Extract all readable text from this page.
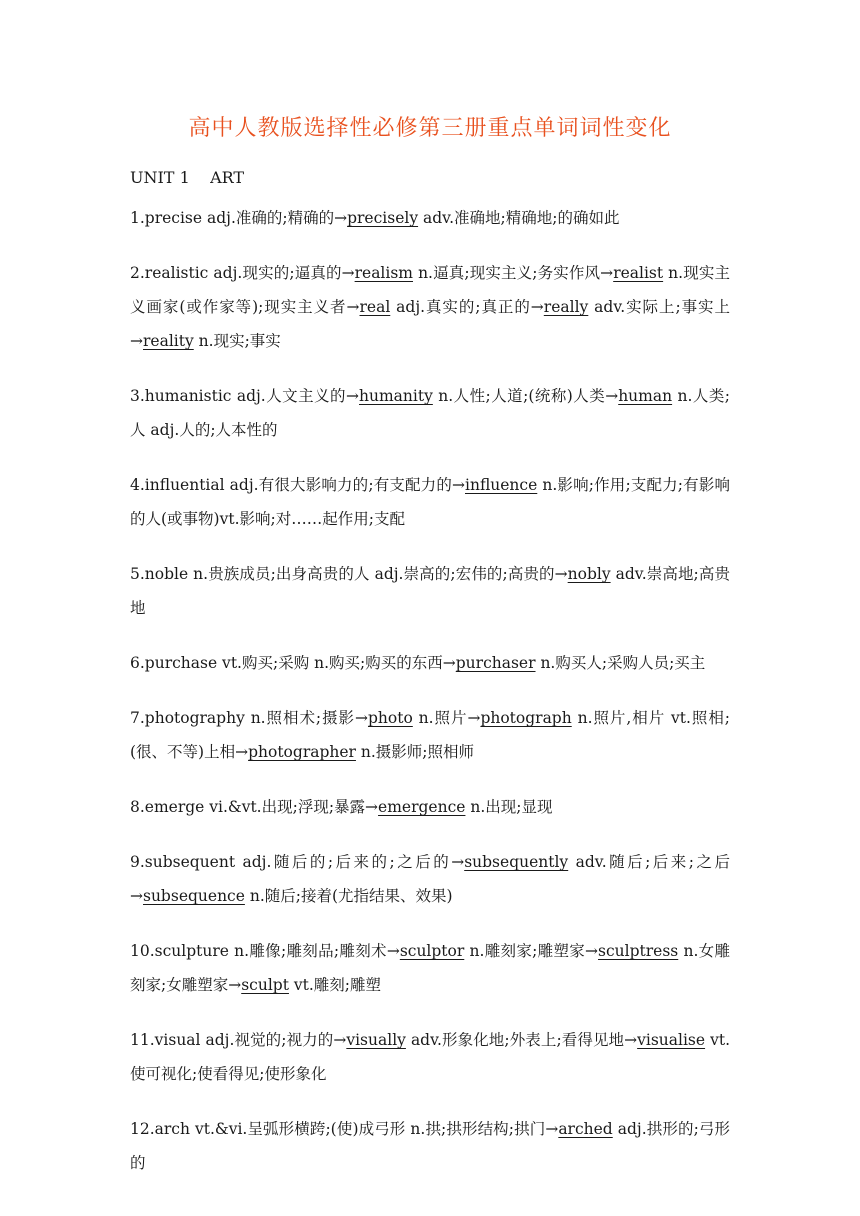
高中人教版选择性必修第三册重点单词词性变化
UNIT 1    ART
1.precise adj.准确的;精确的→precisely adv.准确地;精确地;的确如此
2.realistic adj.现实的;逼真的→realism n.逼真;现实主义;务实作风→realist n.现实主义画家(或作家等);现实主义者→real adj.真实的;真正的→really adv.实际上;事实上→reality n.现实;事实
3.humanistic adj.人文主义的→humanity n.人性;人道;(统称)人类→human n.人类;人 adj.人的;人本性的
4.influential adj.有很大影响力的;有支配力的→influence n.影响;作用;支配力;有影响的人(或事物)vt.影响;对……起作用;支配
5.noble n.贵族成员;出身高贵的人 adj.崇高的;宏伟的;高贵的→nobly adv.崇高地;高贵地
6.purchase vt.购买;采购 n.购买;购买的东西→purchaser n.购买人;采购人员;买主
7.photography n.照相术;摄影→photo n.照片→photograph n.照片,相片 vt.照相;(很、不等)上相→photographer n.摄影师;照相师
8.emerge vi.&vt.出现;浮现;暴露→emergence n.出现;显现
9.subsequent adj.随后的;后来的;之后的→subsequently adv.随后;后来;之后→subsequence n.随后;接着(尤指结果、效果)
10.sculpture n.雕像;雕刻品;雕刻术→sculptor n.雕刻家;雕塑家→sculptress n.女雕刻家;女雕塑家→sculpt vt.雕刻;雕塑
11.visual adj.视觉的;视力的→visually adv.形象化地;外表上;看得见地→visualise vt.使可视化;使看得见;使形象化
12.arch vt.&vi.呈弧形横跨;(使)成弓形 n.拱;拱形结构;拱门→arched adj.拱形的;弓形的
